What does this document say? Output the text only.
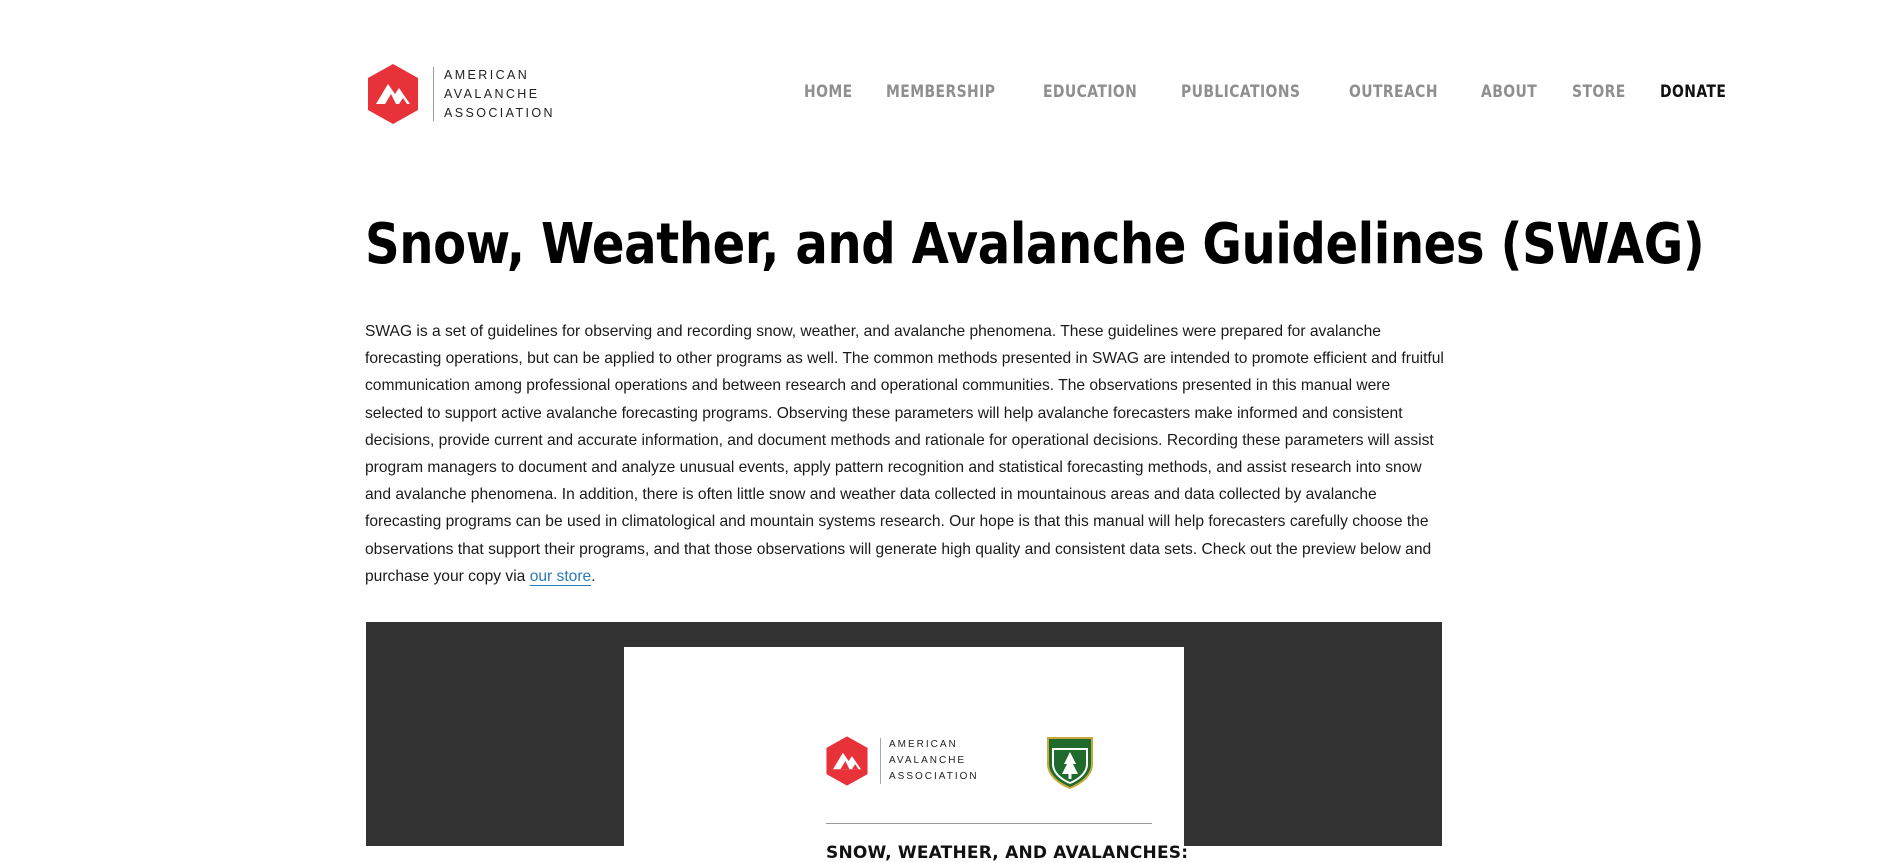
AMERICAN
AVALANCHE
ASSOCIATION
HOME MEMBERSHIP	EDUCATION	PUBLICATIONS	OUTREACH	ABOUT STORE DONATE
Snow, Weather, and Avalanche Guidelines (SWAG)

SWAG is a set of guidelines for observing and recording snow, weather, and avalanche phenomena. These guidelines were prepared for avalanche forecasting operations, but can be applied to other programs as well. The common methods presented in SWAG are intended to promote efficient and fruitful communication among professional operations and between research and operational communities. The observations presented in this manual were selected to support active avalanche forecasting programs. Observing these parameters will help avalanche forecasters make informed and consistent decisions, provide current and accurate information, and document methods and rationale for operational decisions. Recording these parameters will assist program managers to document and analyze unusual events, apply pattern recognition and statistical forecasting methods, and assist research into snow and avalanche phenomena. In addition, there is often little snow and weather data collected in mountainous areas and data collected by avalanche forecasting programs can be used in climatological and mountain systems research. Our hope is that this manual will help forecasters carefully choose the observations that support their programs, and that those observations will generate high quality and consistent data sets. Check out the preview below and purchase your copy via our store.

AMERICAN
AVALANCHE
ASSOCIATION
SNOW, WEATHER, AND AVALANCHES:
